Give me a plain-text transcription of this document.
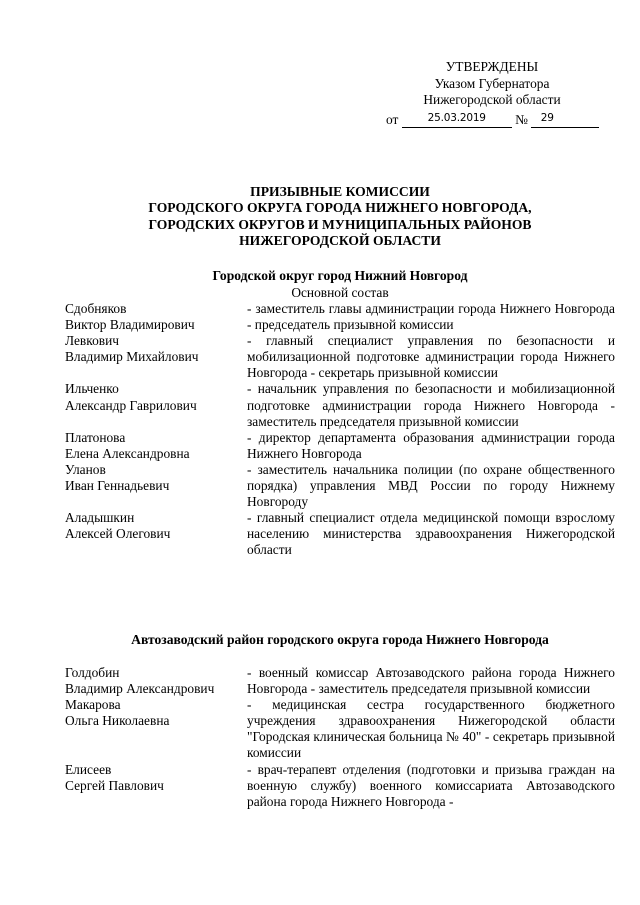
УТВЕРЖДЕНЫ
Указом Губернатора
Нижегородской области
от	25.03.2019	№	29
ПРИЗЫВНЫЕ КОМИССИИ
ГОРОДСКОГО ОКРУГА ГОРОДА НИЖНЕГО НОВГОРОДА,
ГОРОДСКИХ ОКРУГОВ И МУНИЦИПАЛЬНЫХ РАЙОНОВ
НИЖЕГОРОДСКОЙ ОБЛАСТИ
Городской округ город Нижний Новгород
Основной состав
Сдобняков
Виктор Владимирович
- заместитель главы администрации города Нижнего Новгорода - председатель призывной комиссии
Левкович
Владимир Михайлович
- главный специалист управления по безопасности и мобилизационной подготовке администрации города Нижнего Новгорода - секретарь призывной комиссии
Ильченко
Александр Гаврилович
- начальник управления по безопасности и мобилизационной подготовке администрации города Нижнего Новгорода - заместитель председателя призывной комиссии
Платонова
Елена Александровна
- директор департамента образования администрации города Нижнего Новгорода
Уланов
Иван Геннадьевич
- заместитель начальника полиции (по охране общественного порядка) управления МВД России по городу Нижнему Новгороду
Аладышкин
Алексей Олегович
- главный специалист отдела медицинской помощи взрослому населению министерства здравоохранения Нижегородской области
Автозаводский район городского округа города Нижнего Новгорода
Голдобин
Владимир Александрович
- военный комиссар Автозаводского района города Нижнего Новгорода - заместитель председателя призывной комиссии
Макарова
Ольга Николаевна
- медицинская сестра государственного бюджетного учреждения здравоохранения Нижегородской области "Городская клиническая больница № 40" - секретарь призывной комиссии
Елисеев
Сергей Павлович
- врач-терапевт отделения (подготовки и призыва граждан на военную службу) военного комиссариата Автозаводского района города Нижнего Новгорода -
